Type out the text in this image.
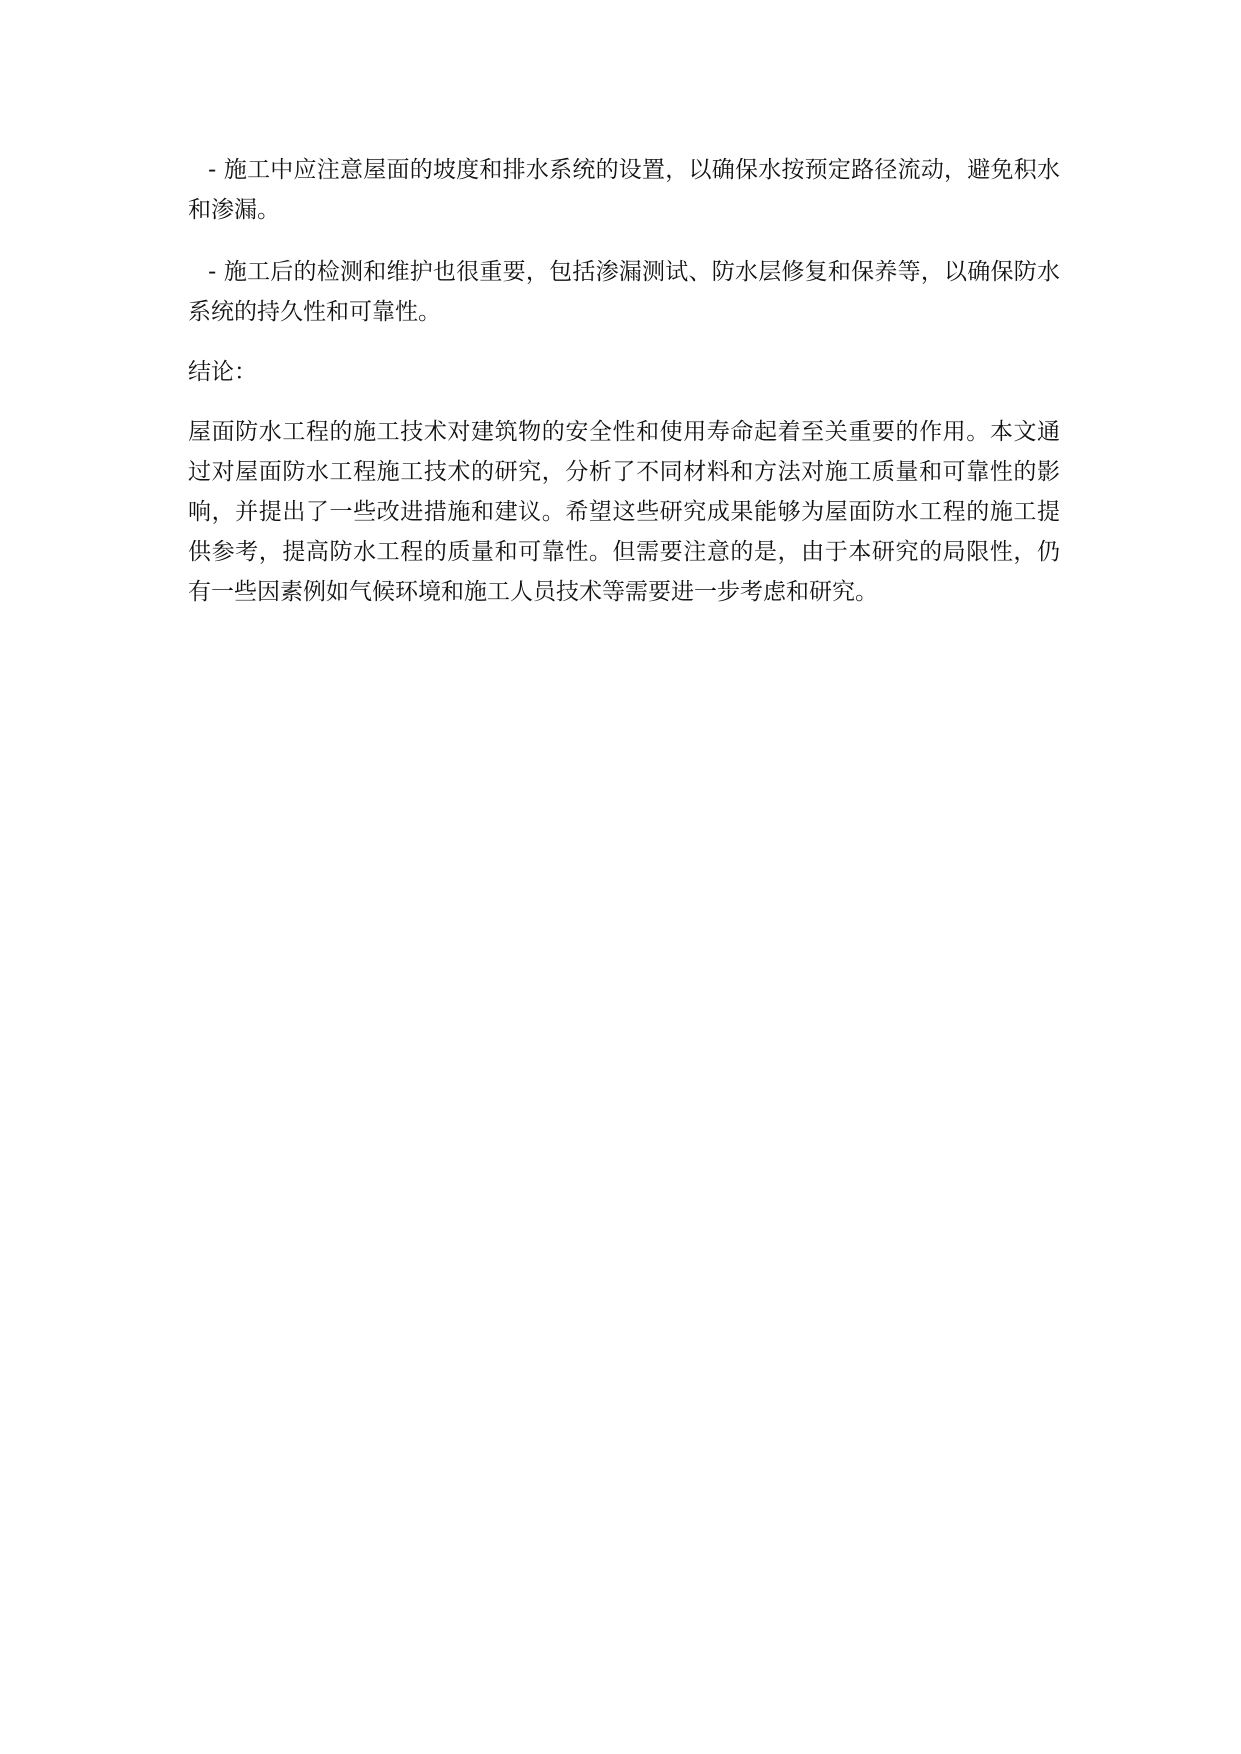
- 施工中应注意屋面的坡度和排水系统的设置，以确保水按预定路径流动，避免积水和渗漏。

- 施工后的检测和维护也很重要，包括渗漏测试、防水层修复和保养等，以确保防水系统的持久性和可靠性。

结论：

屋面防水工程的施工技术对建筑物的安全性和使用寿命起着至关重要的作用。本文通过对屋面防水工程施工技术的研究，分析了不同材料和方法对施工质量和可靠性的影响，并提出了一些改进措施和建议。希望这些研究成果能够为屋面防水工程的施工提供参考，提高防水工程的质量和可靠性。但需要注意的是，由于本研究的局限性，仍有一些因素例如气候环境和施工人员技术等需要进一步考虑和研究。
